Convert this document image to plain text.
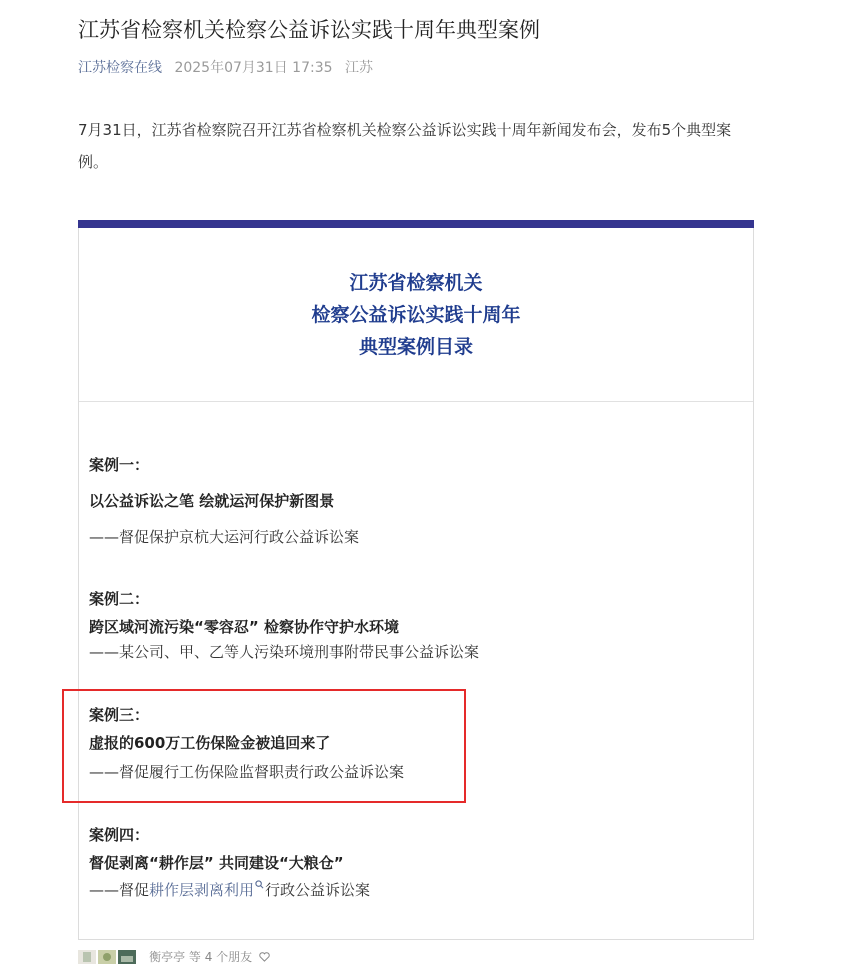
江苏省检察机关检察公益诉讼实践十周年典型案例
江苏检察在线 2025年07月31日 17:35 江苏
7月31日，江苏省检察院召开江苏省检察机关检察公益诉讼实践十周年新闻发布会，发布5个典型案例。
江苏省检察机关
检察公益诉讼实践十周年
典型案例目录
案例一：
以公益诉讼之笔 绘就运河保护新图景
——督促保护京杭大运河行政公益诉讼案
案例二：
跨区域河流污染“零容忍” 检察协作守护水环境
——某公司、甲、乙等人污染环境刑事附带民事公益诉讼案
案例三：
虚报的600万工伤保险金被追回来了
——督促履行工伤保险监督职责行政公益诉讼案
案例四：
督促剥离“耕作层” 共同建设“大粮仓”
——督促耕作层剥离利用 行政公益诉讼案
衡亭亭 等 4 个朋友
